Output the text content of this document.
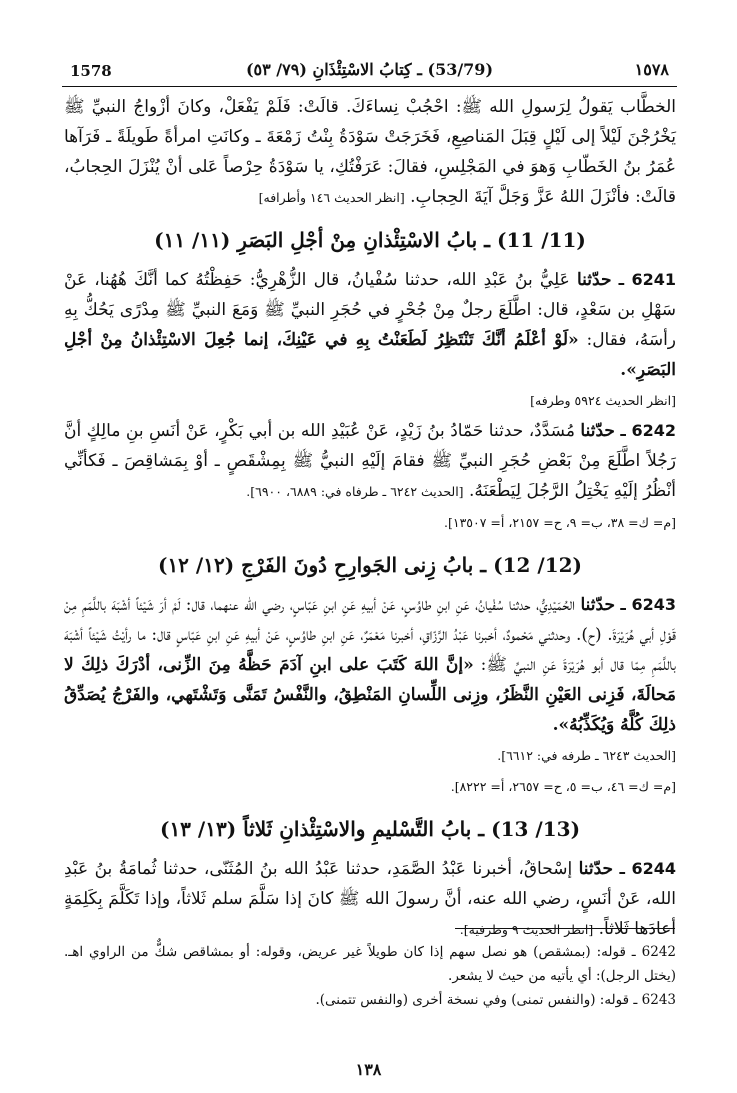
1578	(53/79) ـ كِتابُ الاسْتِئْذَانِ (٧٩/ ٥٣)	١٥٧٨

الخطَّاب يَقولُ لِرَسولِ الله ﷺ: احْجُبْ نِساءَكَ. قالَتْ: فَلَمْ يَفْعَلْ، وكانَ أزْواجُ النبيِّ ﷺ يَخْرُجْنَ لَيْلاً إلى لَيْلٍ قِبَلَ المَناصِعِ، فَخَرَجَتْ سَوْدَةُ بِنْتُ زَمْعَةَ ـ وكانَتِ امرأةً طَويلَةً ـ فَرَآها عُمَرُ بنُ الخَطّابِ وَهوَ في المَجْلِسِ، فقالَ: عَرَفْتُكِ، يا سَوْدَةُ حِرْصاً عَلى أنْ يُنْزَلَ الحِجابُ، قالَتْ: فأنْزَلَ اللهُ عَزَّ وَجَلَّ آيَةَ الحِجابِ. [انظر الحديث ١٤٦ وأطرافه]

(11/ 11) ـ بابُ الاسْتِئْذانِ مِنْ أجْلِ البَصَرِ (١١/ ١١)

6241 ـ حدّثنا عَلِيُّ بنُ عَبْدِ الله، حدثنا سُفْيانُ، قال الزُّهْرِيُّ: حَفِظْتُهُ كما أنَّكَ هُهُنا، عَنْ سَهْلِ بن سَعْدٍ، قال: اطَّلَعَ رجلٌ مِنْ جُحْرٍ في حُجَرِ النبيِّ ﷺ وَمَعَ النبيِّ ﷺ مِدْرًى يَحُكُّ بِهِ رأسَهُ، فقال: «لَوْ أعْلَمُ أنَّكَ تَنْتَظِرُ لَطَعَنْتُ بِهِ في عَيْنِكَ، إنما جُعِلَ الاسْتِئْذانُ مِنْ أجْلِ البَصَرِ».
[انظر الحديث ٥٩٢٤ وطرفه]

6242 ـ حدّثنا مُسَدَّدٌ، حدثنا حَمّادُ بنُ زَيْدٍ، عَنْ عُبَيْدِ الله بن أبي بَكْرٍ، عَنْ أنَسِ بنِ مالِكٍ أنَّ رَجُلاً اطَّلَعَ مِنْ بَعْضِ حُجَرِ النبيِّ ﷺ فقامَ إلَيْهِ النبيُّ ﷺ بِمِشْقَصٍ ـ أوْ بِمَشاقِصَ ـ فَكأنِّي أنْظُرُ إلَيْهِ يَخْتِلُ الرَّجُلَ لِيَطْعَنَهُ. [الحديث ٦٢٤٢ ـ طرفاه في: ٦٨٨٩، ٦٩٠٠].
[م= ك= ٣٨، ب= ٩، ح= ٢١٥٧، أ= ١٣٥٠٧].

(12/ 12) ـ بابُ زِنى الجَوارِحِ دُونَ الفَرْجِ (١٢/ ١٢)

6243 ـ حدّثنا الحُمَيْدِيُّ، حدثنا سُفْيانُ، عَنِ ابنِ طاوُسٍ، عَنْ أبيهِ عَنِ ابنِ عَبّاسٍ، رضي الله عنهما، قال: لَمْ أرَ شَيْئاً أشْبَهَ باللَّمَمِ مِنْ قَوْلِ أبي هُرَيْرَةَ. (ح). وحدثني مَحْمودٌ، أخبرنا عَبْدُ الرَّزّاقِ، أخبرنا مَعْمَرٌ، عَنِ ابنِ طاوُسٍ، عَنْ أبيهِ عَنِ ابنِ عَبّاسٍ قال: ما رأيْتُ شَيْئاً أشْبَهَ باللَّمَمِ مِمّا قال أبو هُرَيْرَةَ عَنِ النبيِّ ﷺ: «إنَّ اللهَ كَتَبَ على ابنِ آدَمَ حَظَّهُ مِنَ الزِّنى، أدْرَكَ ذلِكَ لا مَحالَةَ، فَزِنى العَيْنِ النَّظَرُ، وزِنى اللِّسانِ المَنْطِقُ، والنَّفْسُ تَمَنَّى وَتَشْتَهي، والفَرْجُ يُصَدِّقُ ذلِكَ كُلَّهُ وَيُكَذِّبُهُ».
[الحديث ٦٢٤٣ ـ طرفه في: ٦٦١٢].
[م= ك= ٤٦، ب= ٥، ح= ٢٦٥٧، أ= ٨٢٢٢].

(13/ 13) ـ بابُ التَّسْليمِ والاسْتِئْذانِ ثَلاثاً (١٣/ ١٣)

6244 ـ حدّثنا إسْحاقُ، أخبرنا عَبْدُ الصَّمَدِ، حدثنا عَبْدُ الله بنُ المُثَنّى، حدثنا ثُمامَةُ بنُ عَبْدِ الله، عَنْ أنَسٍ، رضي الله عنه، أنَّ رسولَ الله ﷺ كانَ إذا سَلَّمَ سلم ثَلاثاً، وإذا تَكَلَّمَ بِكَلِمَةٍ أعادَها ثَلاثاً. [انظر الحديث ٩ وطرفيه].

6242 ـ قوله: (بمشقص) هو نصل سهم إذا كان طويلاً غير عريض، وقوله: أو بمشاقص شكٌّ من الراوي اهـ. (يختل الرجل): أي يأتيه من حيث لا يشعر.

6243 ـ قوله: (والنفس تمنى) وفي نسخة أخرى (والنفس تتمنى).

١٣٨
